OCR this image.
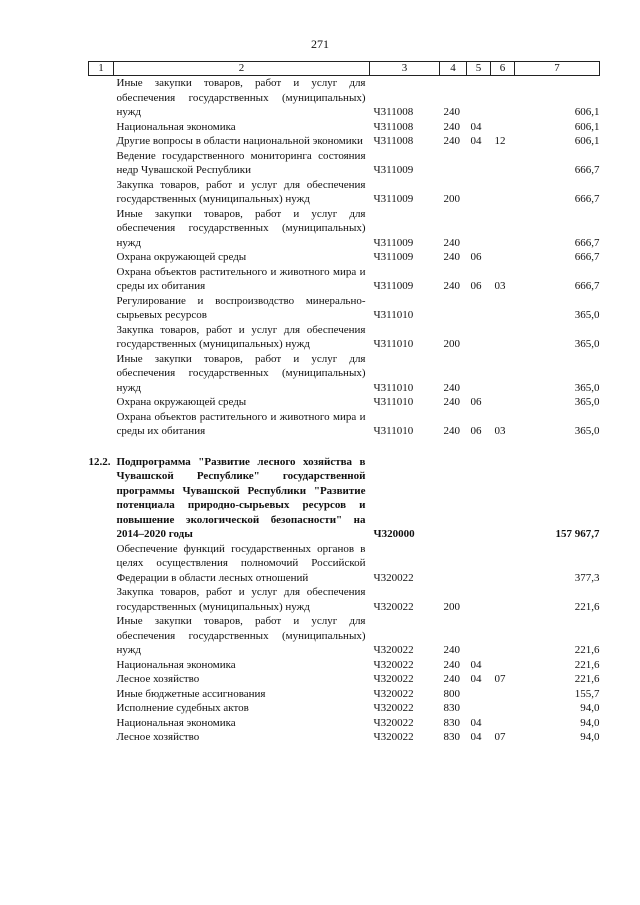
271
1	2	3	4	5	6	7
	Иные закупки товаров, работ и услуг для обеспечения государственных (муниципальных) нужд	Ч311008	240			606,1
	Национальная экономика	Ч311008	240	04		606,1
	Другие вопросы в области национальной экономики	Ч311008	240	04	12	606,1
	Ведение государственного мониторинга состояния недр Чувашской Республики	Ч311009				666,7
	Закупка товаров, работ и услуг для обеспечения государственных (муниципальных) нужд	Ч311009	200			666,7
	Иные закупки товаров, работ и услуг для обеспечения государственных (муниципальных) нужд	Ч311009	240			666,7
	Охрана окружающей среды	Ч311009	240	06		666,7
	Охрана объектов растительного и животного мира и среды их обитания	Ч311009	240	06	03	666,7
	Регулирование и воспроизводство минерально-сырьевых ресурсов	Ч311010				365,0
	Закупка товаров, работ и услуг для обеспечения государственных (муниципальных) нужд	Ч311010	200			365,0
	Иные закупки товаров, работ и услуг для обеспечения государственных (муниципальных) нужд	Ч311010	240			365,0
	Охрана окружающей среды	Ч311010	240	06		365,0
	Охрана объектов растительного и животного мира и среды их обитания	Ч311010	240	06	03	365,0

12.2.	Подпрограмма "Развитие лесного хозяйства в Чувашской Республике" государственной программы Чувашской Республики "Развитие потенциала природно-сырьевых ресурсов и повышение экологической безопасности" на 2014–2020 годы	Ч320000				157 967,7
	Обеспечение функций государственных органов в целях осуществления полномочий Российской Федерации в области лесных отношений	Ч320022				377,3
	Закупка товаров, работ и услуг для обеспечения государственных (муниципальных) нужд	Ч320022	200			221,6
	Иные закупки товаров, работ и услуг для обеспечения государственных (муниципальных) нужд	Ч320022	240			221,6
	Национальная экономика	Ч320022	240	04		221,6
	Лесное хозяйство	Ч320022	240	04	07	221,6
	Иные бюджетные ассигнования	Ч320022	800			155,7
	Исполнение судебных актов	Ч320022	830			94,0
	Национальная экономика	Ч320022	830	04		94,0
	Лесное хозяйство	Ч320022	830	04	07	94,0
